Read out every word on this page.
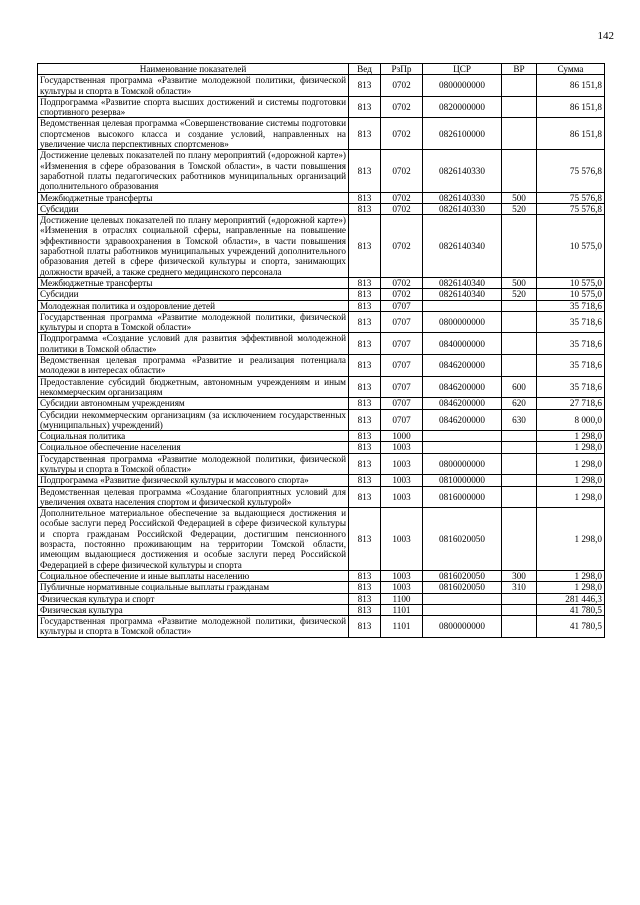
142
Наименование показателей	Вед	РзПр	ЦСР	ВР	Сумма
Государственная программа «Развитие молодежной политики, физической культуры и спорта в Томской области»	813	0702	0800000000		86 151,8
Подпрограмма «Развитие спорта высших достижений и системы подготовки спортивного резерва»	813	0702	0820000000		86 151,8
Ведомственная целевая программа «Совершенствование системы подготовки спортсменов высокого класса и создание условий, направленных на увеличение числа перспективных спортсменов»	813	0702	0826100000		86 151,8
Достижение целевых показателей по плану мероприятий («дорожной карте») «Изменения в сфере образования в Томской области», в части повышения заработной платы педагогических работников муниципальных организаций дополнительного образования	813	0702	0826140330		75 576,8
Межбюджетные трансферты	813	0702	0826140330	500	75 576,8
Субсидии	813	0702	0826140330	520	75 576,8
Достижение целевых показателей по плану мероприятий («дорожной карте») «Изменения в отраслях социальной сферы, направленные на повышение эффективности здравоохранения в Томской области», в части повышения заработной платы работников муниципальных учреждений дополнительного образования детей в сфере физической культуры и спорта, занимающих должности врачей, а также среднего медицинского персонала	813	0702	0826140340		10 575,0
Межбюджетные трансферты	813	0702	0826140340	500	10 575,0
Субсидии	813	0702	0826140340	520	10 575,0
Молодежная политика и оздоровление детей	813	0707			35 718,6
Государственная программа «Развитие молодежной политики, физической культуры и спорта в Томской области»	813	0707	0800000000		35 718,6
Подпрограмма «Создание условий для развития эффективной молодежной политики в Томской области»	813	0707	0840000000		35 718,6
Ведомственная целевая программа «Развитие и реализация потенциала молодежи в интересах области»	813	0707	0846200000		35 718,6
Предоставление субсидий бюджетным, автономным учреждениям и иным некоммерческим организациям	813	0707	0846200000	600	35 718,6
Субсидии автономным учреждениям	813	0707	0846200000	620	27 718,6
Субсидии некоммерческим организациям (за исключением государственных (муниципальных) учреждений)	813	0707	0846200000	630	8 000,0
Социальная политика	813	1000			1 298,0
Социальное обеспечение населения	813	1003			1 298,0
Государственная программа «Развитие молодежной политики, физической культуры и спорта в Томской области»	813	1003	0800000000		1 298,0
Подпрограмма «Развитие физической культуры и массового спорта»	813	1003	0810000000		1 298,0
Ведомственная целевая программа «Создание благоприятных условий для увеличения охвата населения спортом и физической культурой»	813	1003	0816000000		1 298,0
Дополнительное материальное обеспечение за выдающиеся достижения и особые заслуги перед Российской Федерацией в сфере физической культуры и спорта гражданам Российской Федерации, достигшим пенсионного возраста, постоянно проживающим на территории Томской области, имеющим выдающиеся достижения и особые заслуги перед Российской Федерацией в сфере физической культуры и спорта	813	1003	0816020050		1 298,0
Социальное обеспечение и иные выплаты населению	813	1003	0816020050	300	1 298,0
Публичные нормативные социальные выплаты гражданам	813	1003	0816020050	310	1 298,0
Физическая культура и спорт	813	1100			281 446,3
Физическая культура	813	1101			41 780,5
Государственная программа «Развитие молодежной политики, физической культуры и спорта в Томской области»	813	1101	0800000000		41 780,5
